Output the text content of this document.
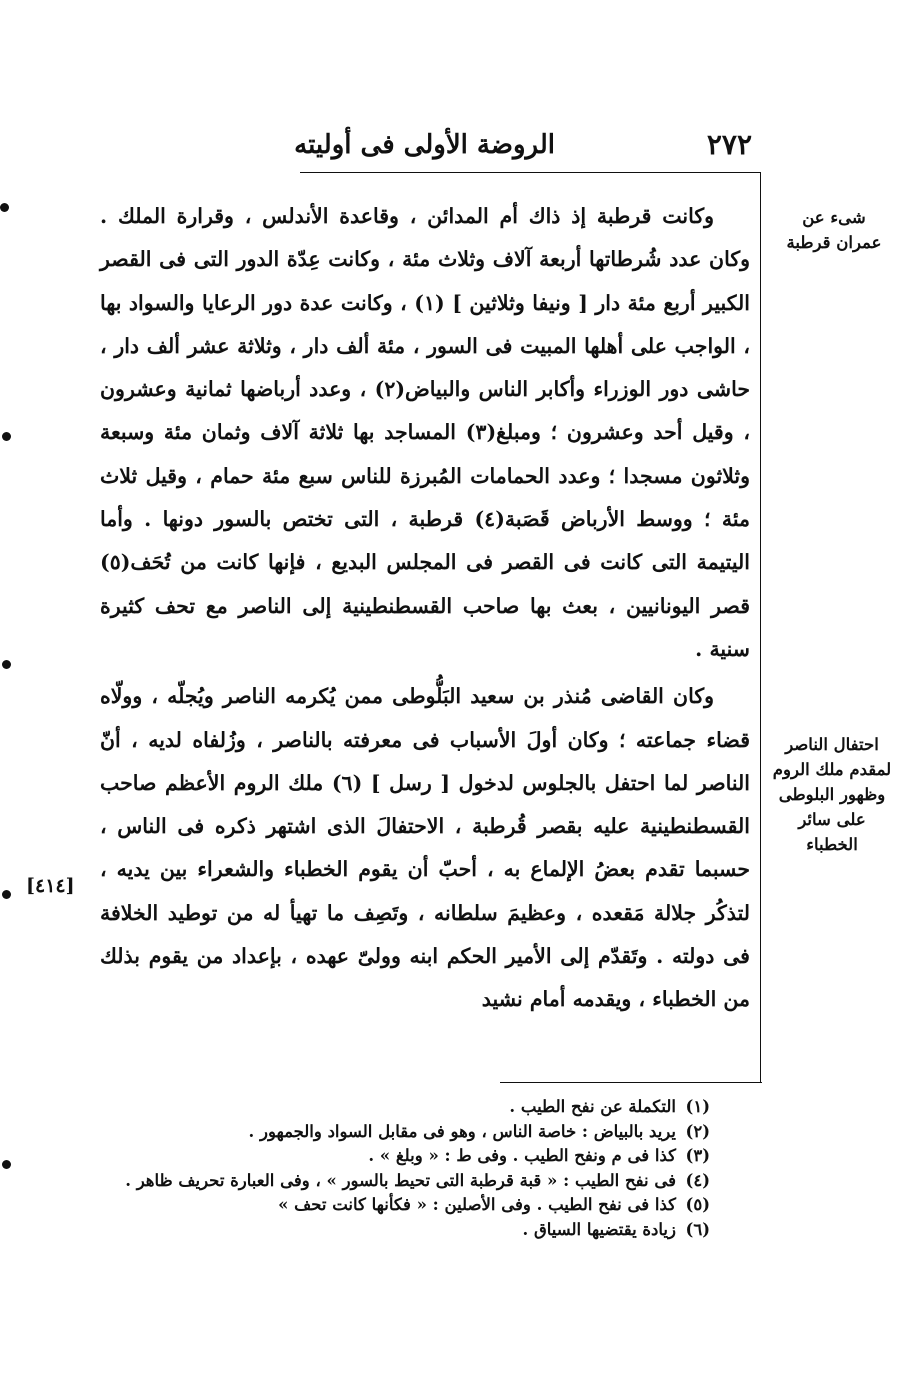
٢٧٢
الروضة الأولى فى أوليته
شىء عن عمران قرطبة
احتفال الناصر لمقدم ملك الروم وظهور البلوطى على سائر الخطباء
[٤١٤]

وكانت قرطبة إذ ذاك أم المدائن ، وقاعدة الأندلس ، وقرارة الملك . وكان عدد شُرطاتها أربعة آلاف وثلاث مئة ، وكانت عِدّة الدور التى فى القصر الكبير أربع مئة دار [ ونيفا وثلاثين ] (١) ، وكانت عدة دور الرعايا والسواد بها ، الواجب على أهلها المبيت فى السور ، مئة ألف دار ، وثلاثة عشر ألف دار ، حاشى دور الوزراء وأكابر الناس والبياض(٢) ، وعدد أرباضها ثمانية وعشرون ، وقيل أحد وعشرون ؛ ومبلغ(٣) المساجد بها ثلاثة آلاف وثمان مئة وسبعة وثلاثون مسجدا ؛ وعدد الحمامات المُبرزة للناس سبع مئة حمام ، وقيل ثلاث مئة ؛ ووسط الأرباض قَصَبة(٤) قرطبة ، التى تختص بالسور دونها . وأما اليتيمة التى كانت فى القصر فى المجلس البديع ، فإنها كانت من تُحَف(٥) قصر اليونانيين ، بعث بها صاحب القسطنطينية إلى الناصر مع تحف كثيرة سنية .

وكان القاضى مُنذر بن سعيد البَلُّوطى ممن يُكرمه الناصر ويُجلّه ، وولّاه قضاء جماعته ؛ وكان أولَ الأسباب فى معرفته بالناصر ، وزُلفاه لديه ، أنّ الناصر لما احتفل بالجلوس لدخول [ رسل ] (٦) ملك الروم الأعظم صاحب القسطنطينية عليه بقصر قُرطبة ، الاحتفالَ الذى اشتهر ذكره فى الناس ، حسبما تقدم بعضُ الإلماع به ، أحبّ أن يقوم الخطباء والشعراء بين يديه ، لتذكُر جلالة مَقعده ، وعظيمَ سلطانه ، وتَصِف ما تهيأ له من توطيد الخلافة فى دولته . وتَقدّم إلى الأمير الحكم ابنه وولىّ عهده ، بإعداد من يقوم بذلك من الخطباء ، ويقدمه أمام نشيد

(١)
التكملة عن نفح الطيب .
(٢)
يريد بالبياض : خاصة الناس ، وهو فى مقابل السواد والجمهور .
(٣)
كذا فى م ونفح الطيب . وفى ط : « وبلغ » .
(٤)
فى نفح الطيب : « قبة قرطبة التى تحيط بالسور » ، وفى العبارة تحريف ظاهر .
(٥)
كذا فى نفح الطيب . وفى الأصلين : « فكأنها كانت تحف »
(٦)
زيادة يقتضيها السياق .
